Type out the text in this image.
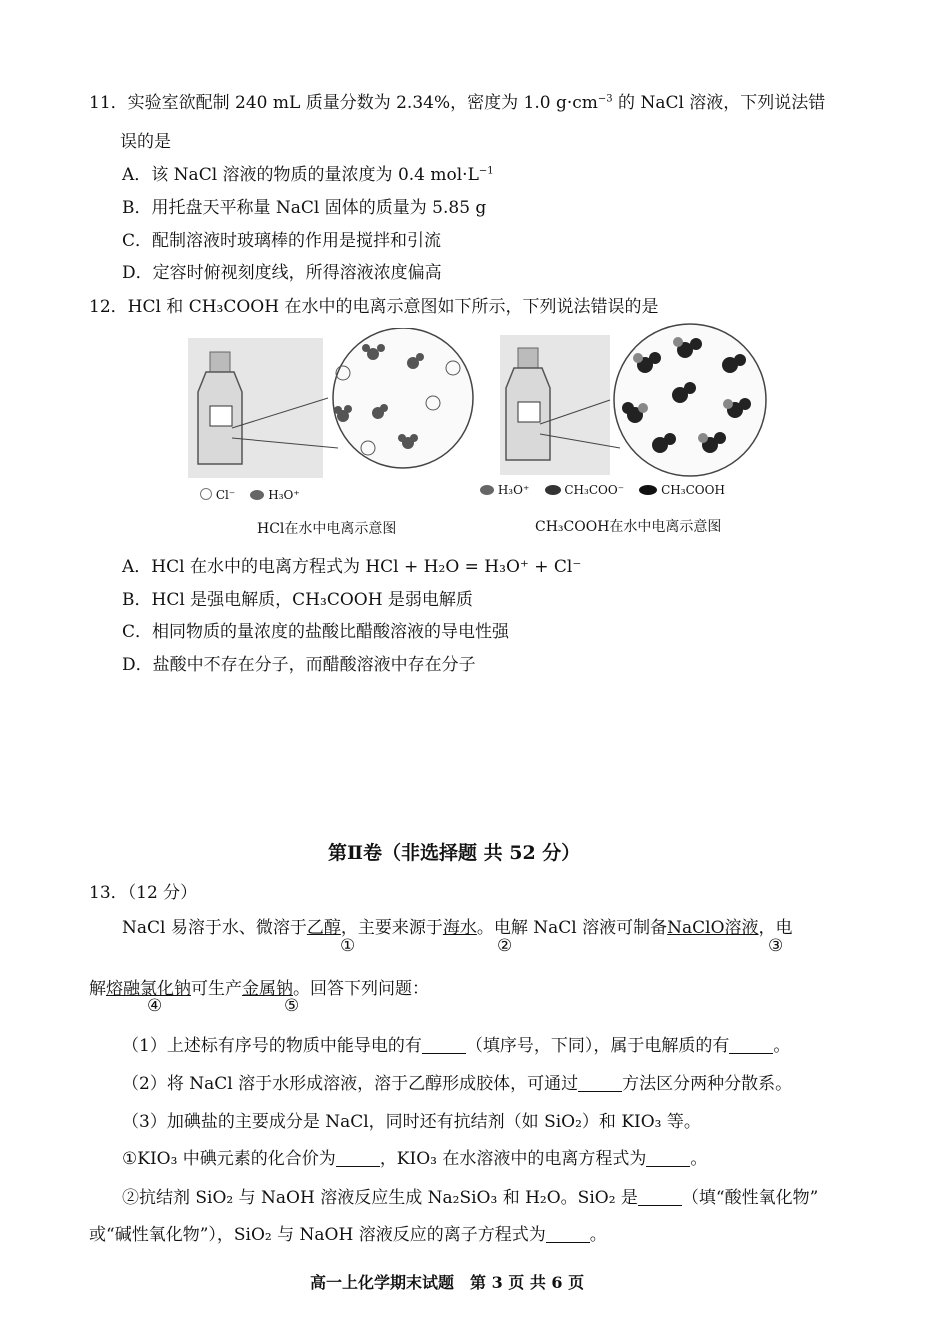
11．实验室欲配制 240 mL 质量分数为 2.34%，密度为 1.0 $g\cdot cm^{-3}$ 的 NaCl 溶液，下列说法错
误的是
A．该 NaCl 溶液的物质的量浓度为 0.4 $mol\cdot L^{-1}$
B．用托盘天平称量 NaCl 固体的质量为 5.85 g
C．配制溶液时玻璃棒的作用是搅拌和引流
D．定容时俯视刻度线，所得溶液浓度偏高
12．HCl 和 CH₃COOH 在水中的电离示意图如下所示，下列说法错误的是
Cl⁻	H₃O⁺
HCl在水中电离示意图
H₃O⁺	CH₃COO⁻	CH₃COOH
CH₃COOH在水中电离示意图
A．HCl 在水中的电离方程式为 HCl + H₂O = H₃O⁺ + Cl⁻
B．HCl 是强电解质，CH₃COOH 是弱电解质
C．相同物质的量浓度的盐酸比醋酸溶液的导电性强
D．盐酸中不存在分子，而醋酸溶液中存在分子
第Ⅱ卷（非选择题 共 52 分）
13．（12 分）
NaCl 易溶于水、微溶于乙醇，主要来源于海水。电解 NaCl 溶液可制备NaClO溶液，电
①	②	③
解熔融氯化钠可生产金属钠。回答下列问题：
④	⑤
（1）上述标有序号的物质中能导电的有	（填序号，下同），属于电解质的有	。
（2）将 NaCl 溶于水形成溶液，溶于乙醇形成胶体，可通过	方法区分两种分散系。
（3）加碘盐的主要成分是 NaCl，同时还有抗结剂（如 SiO₂）和 KIO₃ 等。
①KIO₃ 中碘元素的化合价为	，KIO₃ 在水溶液中的电离方程式为	。
②抗结剂 SiO₂ 与 NaOH 溶液反应生成 Na₂SiO₃ 和 H₂O。SiO₂ 是	（填“酸性氧化物”
或“碱性氧化物”），SiO₂ 与 NaOH 溶液反应的离子方程式为	。
高一上化学期末试题　第 3 页 共 6 页
